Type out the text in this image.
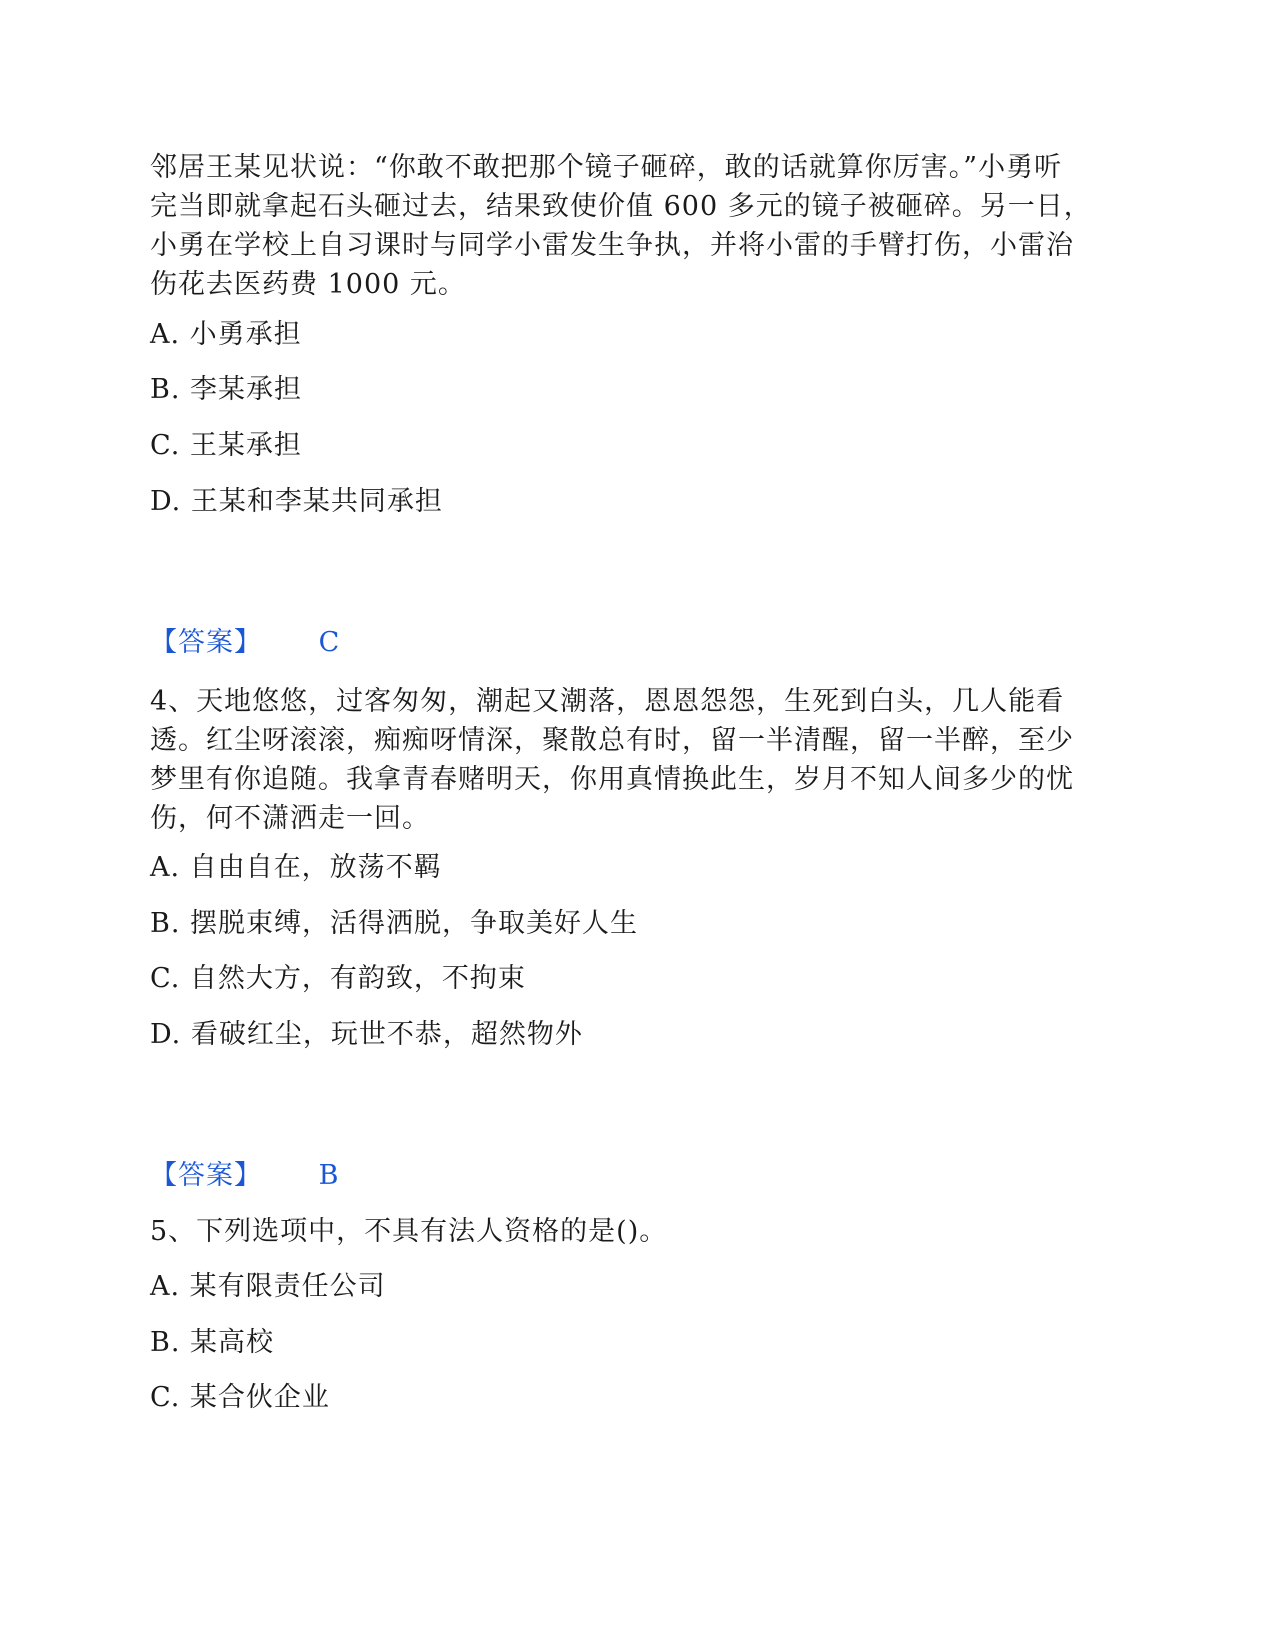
邻居王某见状说：“你敢不敢把那个镜子砸碎，敢的话就算你厉害。”小勇听
完当即就拿起石头砸过去，结果致使价值 600 多元的镜子被砸碎。另一日，
小勇在学校上自习课时与同学小雷发生争执，并将小雷的手臂打伤，小雷治
伤花去医药费 1000 元。

A. 小勇承担
B. 李某承担
C. 王某承担
D. 王某和李某共同承担
【答案】 C

4、天地悠悠，过客匆匆，潮起又潮落，恩恩怨怨，生死到白头，几人能看
透。红尘呀滚滚，痴痴呀情深，聚散总有时，留一半清醒，留一半醉，至少
梦里有你追随。我拿青春赌明天，你用真情换此生，岁月不知人间多少的忧
伤，何不潇洒走一回。

A. 自由自在，放荡不羁
B. 摆脱束缚，活得洒脱，争取美好人生
C. 自然大方，有韵致，不拘束
D. 看破红尘，玩世不恭，超然物外
【答案】 B
5、下列选项中，不具有法人资格的是()。
A. 某有限责任公司
B. 某高校
C. 某合伙企业
